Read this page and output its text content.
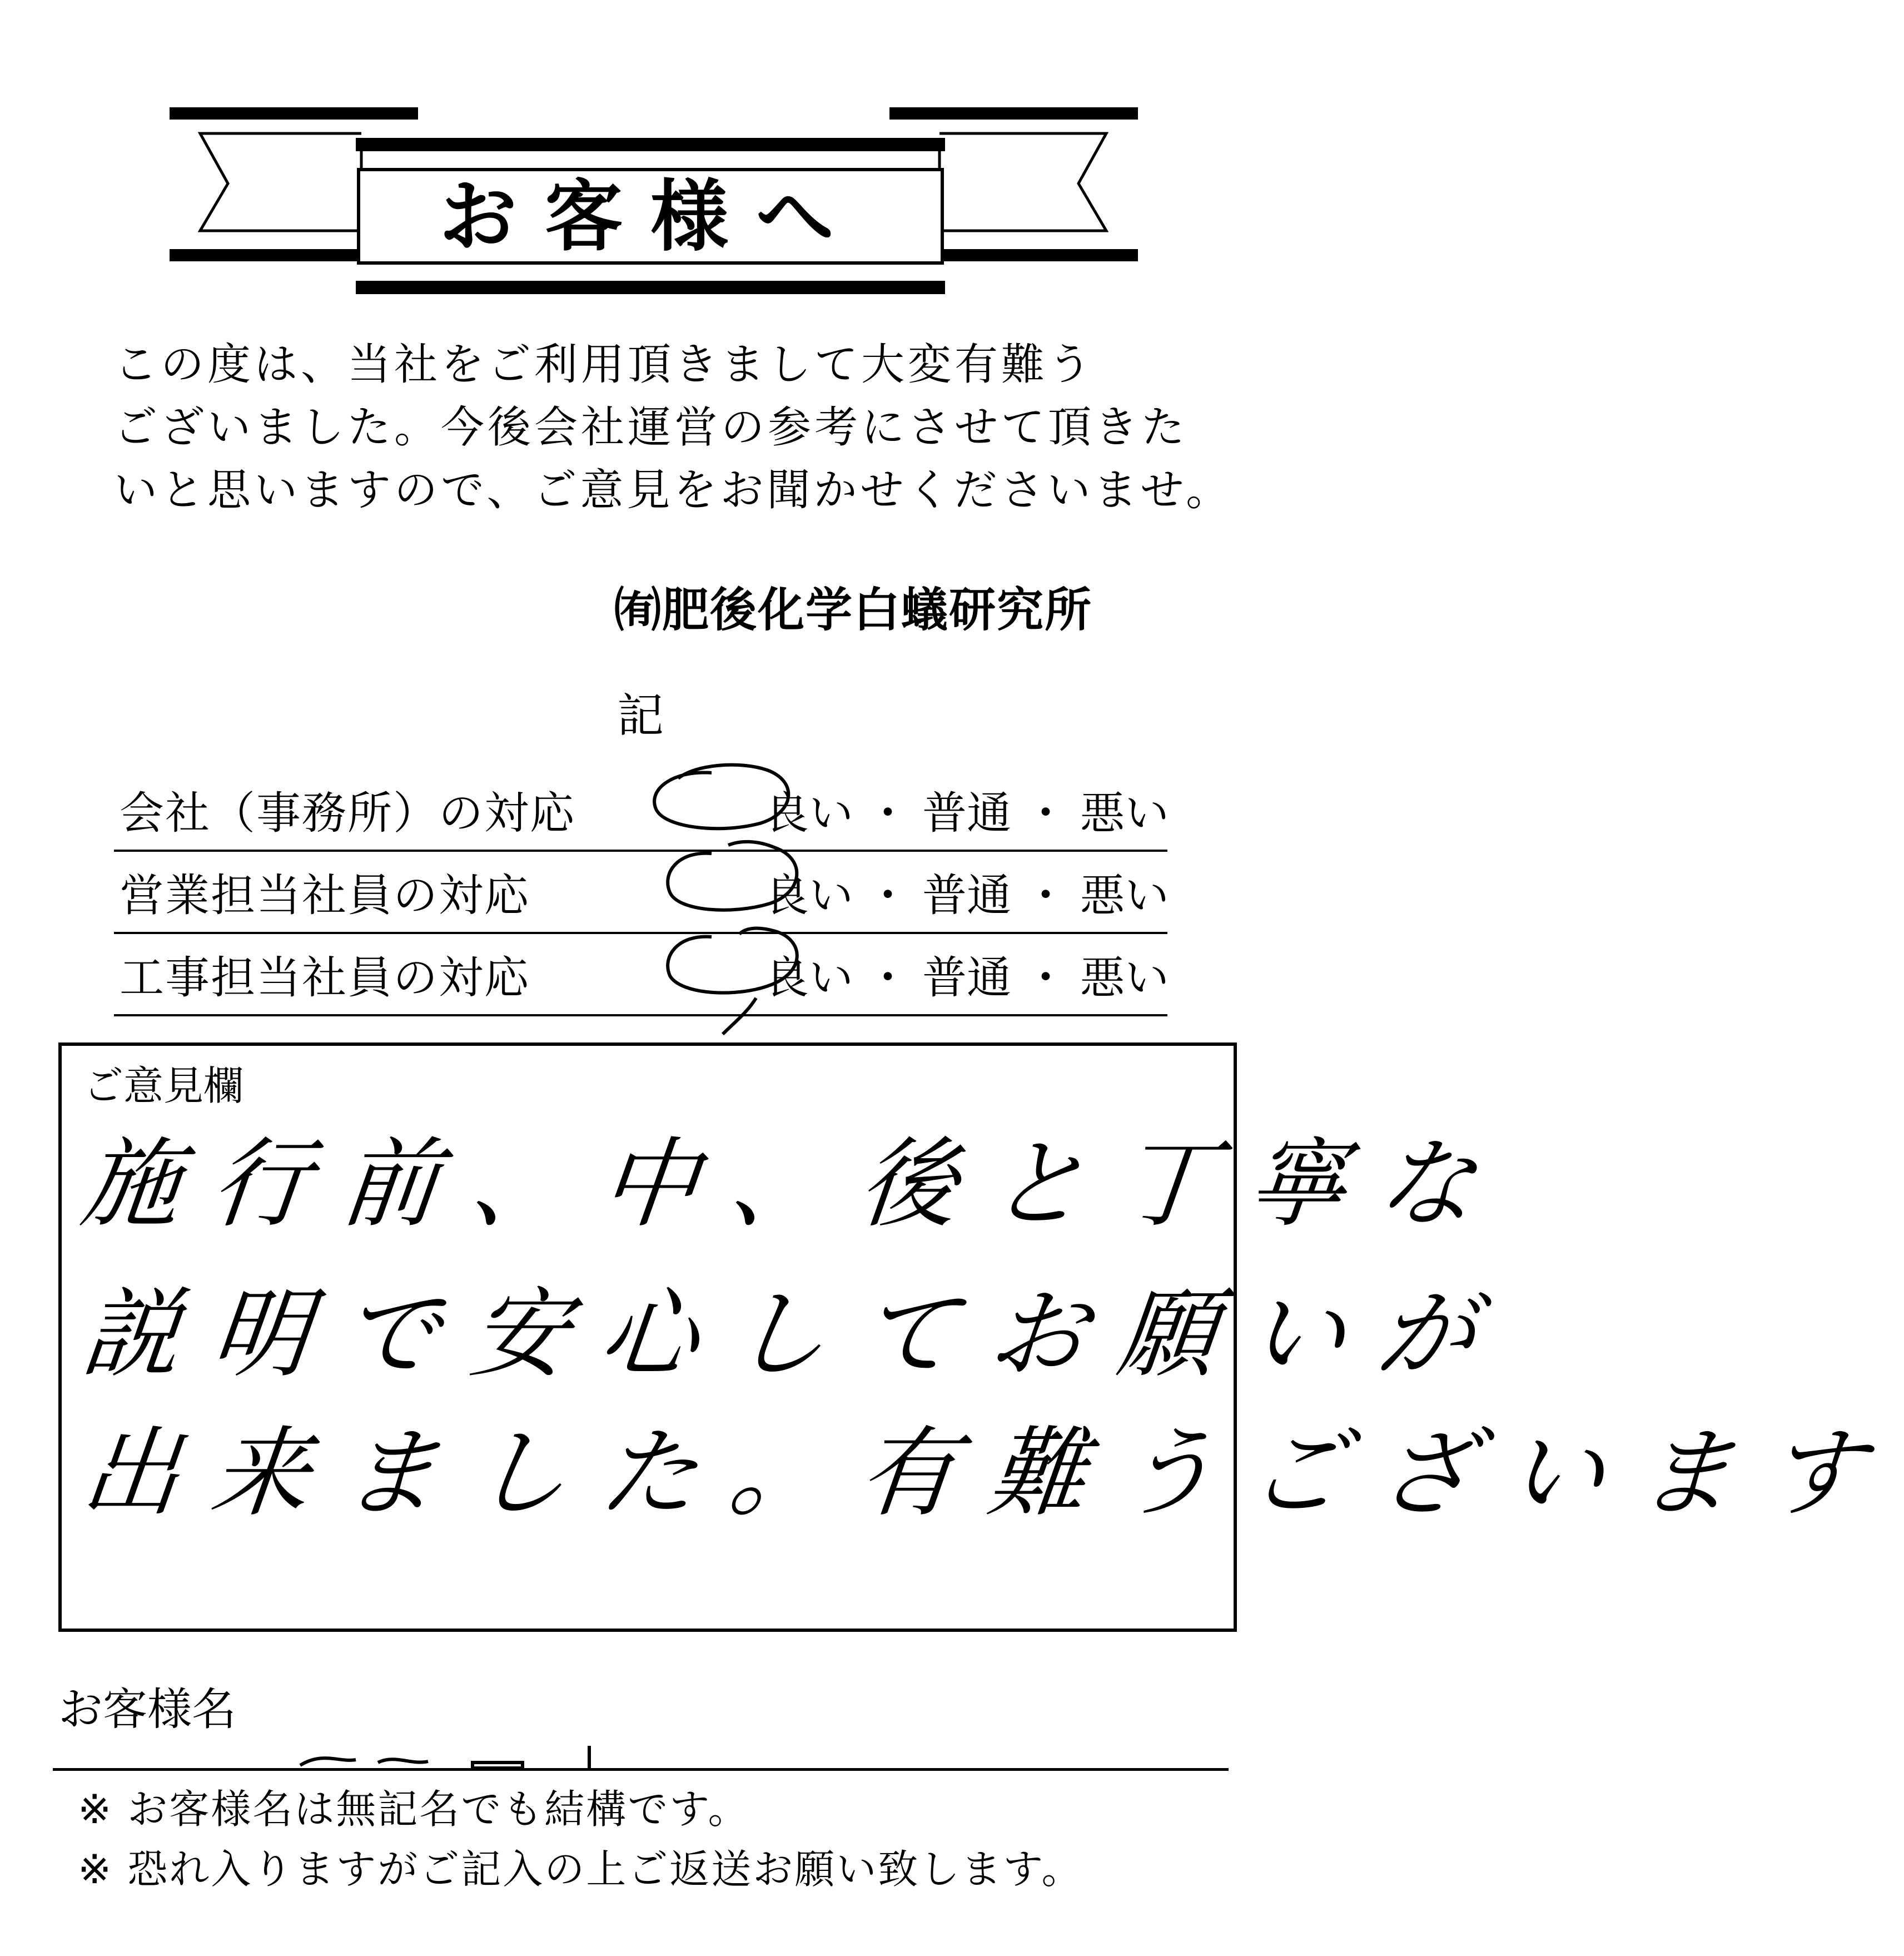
お客様へ
この度は、当社をご利用頂きまして大変有難う
ございました。今後会社運営の参考にさせて頂きた
いと思いますので、ご意見をお聞かせくださいませ。
㈲肥後化学白蟻研究所
記
会社（事務所）の対応	良い ・ 普通 ・ 悪い
営業担当社員の対応	良い ・ 普通 ・ 悪い
工事担当社員の対応	良い ・ 普通 ・ 悪い
ご意見欄
施行前、中、後と丁寧な
説明で安心してお願いが
出来ました。有難うございます
お客様名
※ お客様名は無記名でも結構です。
※ 恐れ入りますがご記入の上ご返送お願い致します。
